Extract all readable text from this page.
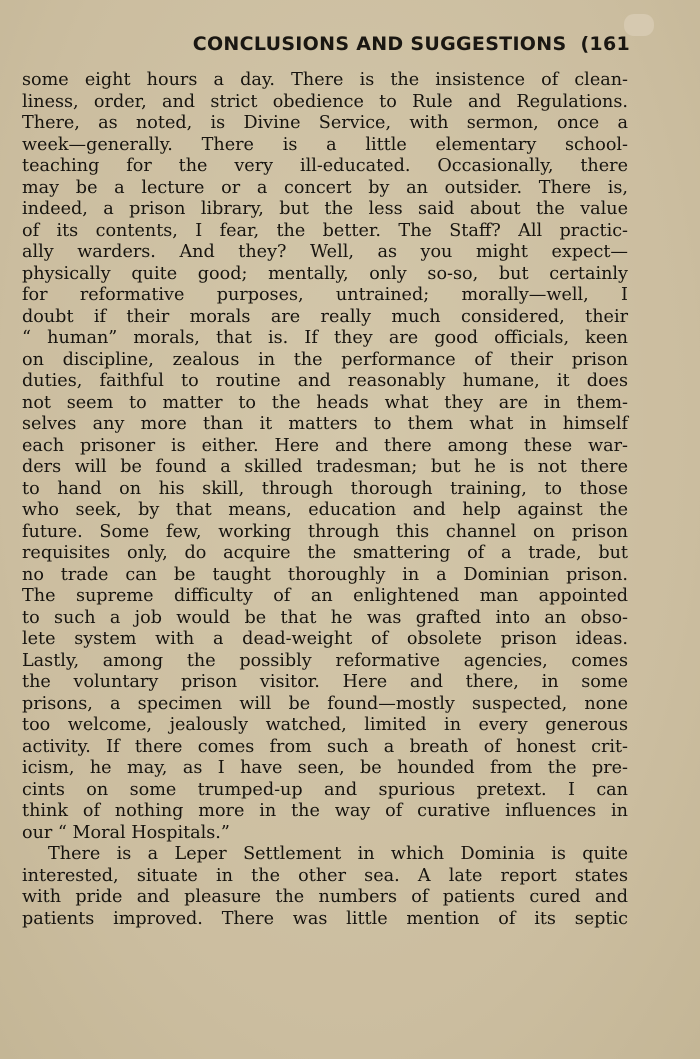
CONCLUSIONS AND SUGGESTIONS (161
some eight hours a day. There is the insistence of clean-
liness, order, and strict obedience to Rule and Regulations.
There, as noted, is Divine Service, with sermon, once a
week—generally. There is a little elementary school-
teaching for the very ill-educated. Occasionally, there
may be a lecture or a concert by an outsider. There is,
indeed, a prison library, but the less said about the value
of its contents, I fear, the better. The Staff? All practic-
ally warders. And they? Well, as you might expect—
physically quite good; mentally, only so-so, but certainly
for reformative purposes, untrained; morally—well, I
doubt if their morals are really much considered, their
“ human” morals, that is. If they are good officials, keen
on discipline, zealous in the performance of their prison
duties, faithful to routine and reasonably humane, it does
not seem to matter to the heads what they are in them-
selves any more than it matters to them what in himself
each prisoner is either. Here and there among these war-
ders will be found a skilled tradesman; but he is not there
to hand on his skill, through thorough training, to those
who seek, by that means, education and help against the
future. Some few, working through this channel on prison
requisites only, do acquire the smattering of a trade, but
no trade can be taught thoroughly in a Dominian prison.
The supreme difficulty of an enlightened man appointed
to such a job would be that he was grafted into an obso-
lete system with a dead-weight of obsolete prison ideas.
Lastly, among the possibly reformative agencies, comes
the voluntary prison visitor. Here and there, in some
prisons, a specimen will be found—mostly suspected, none
too welcome, jealously watched, limited in every generous
activity. If there comes from such a breath of honest crit-
icism, he may, as I have seen, be hounded from the pre-
cints on some trumped-up and spurious pretext. I can
think of nothing more in the way of curative influences in
our “ Moral Hospitals.”
There is a Leper Settlement in which Dominia is quite
interested, situate in the other sea. A late report states
with pride and pleasure the numbers of patients cured and
patients improved. There was little mention of its septic
